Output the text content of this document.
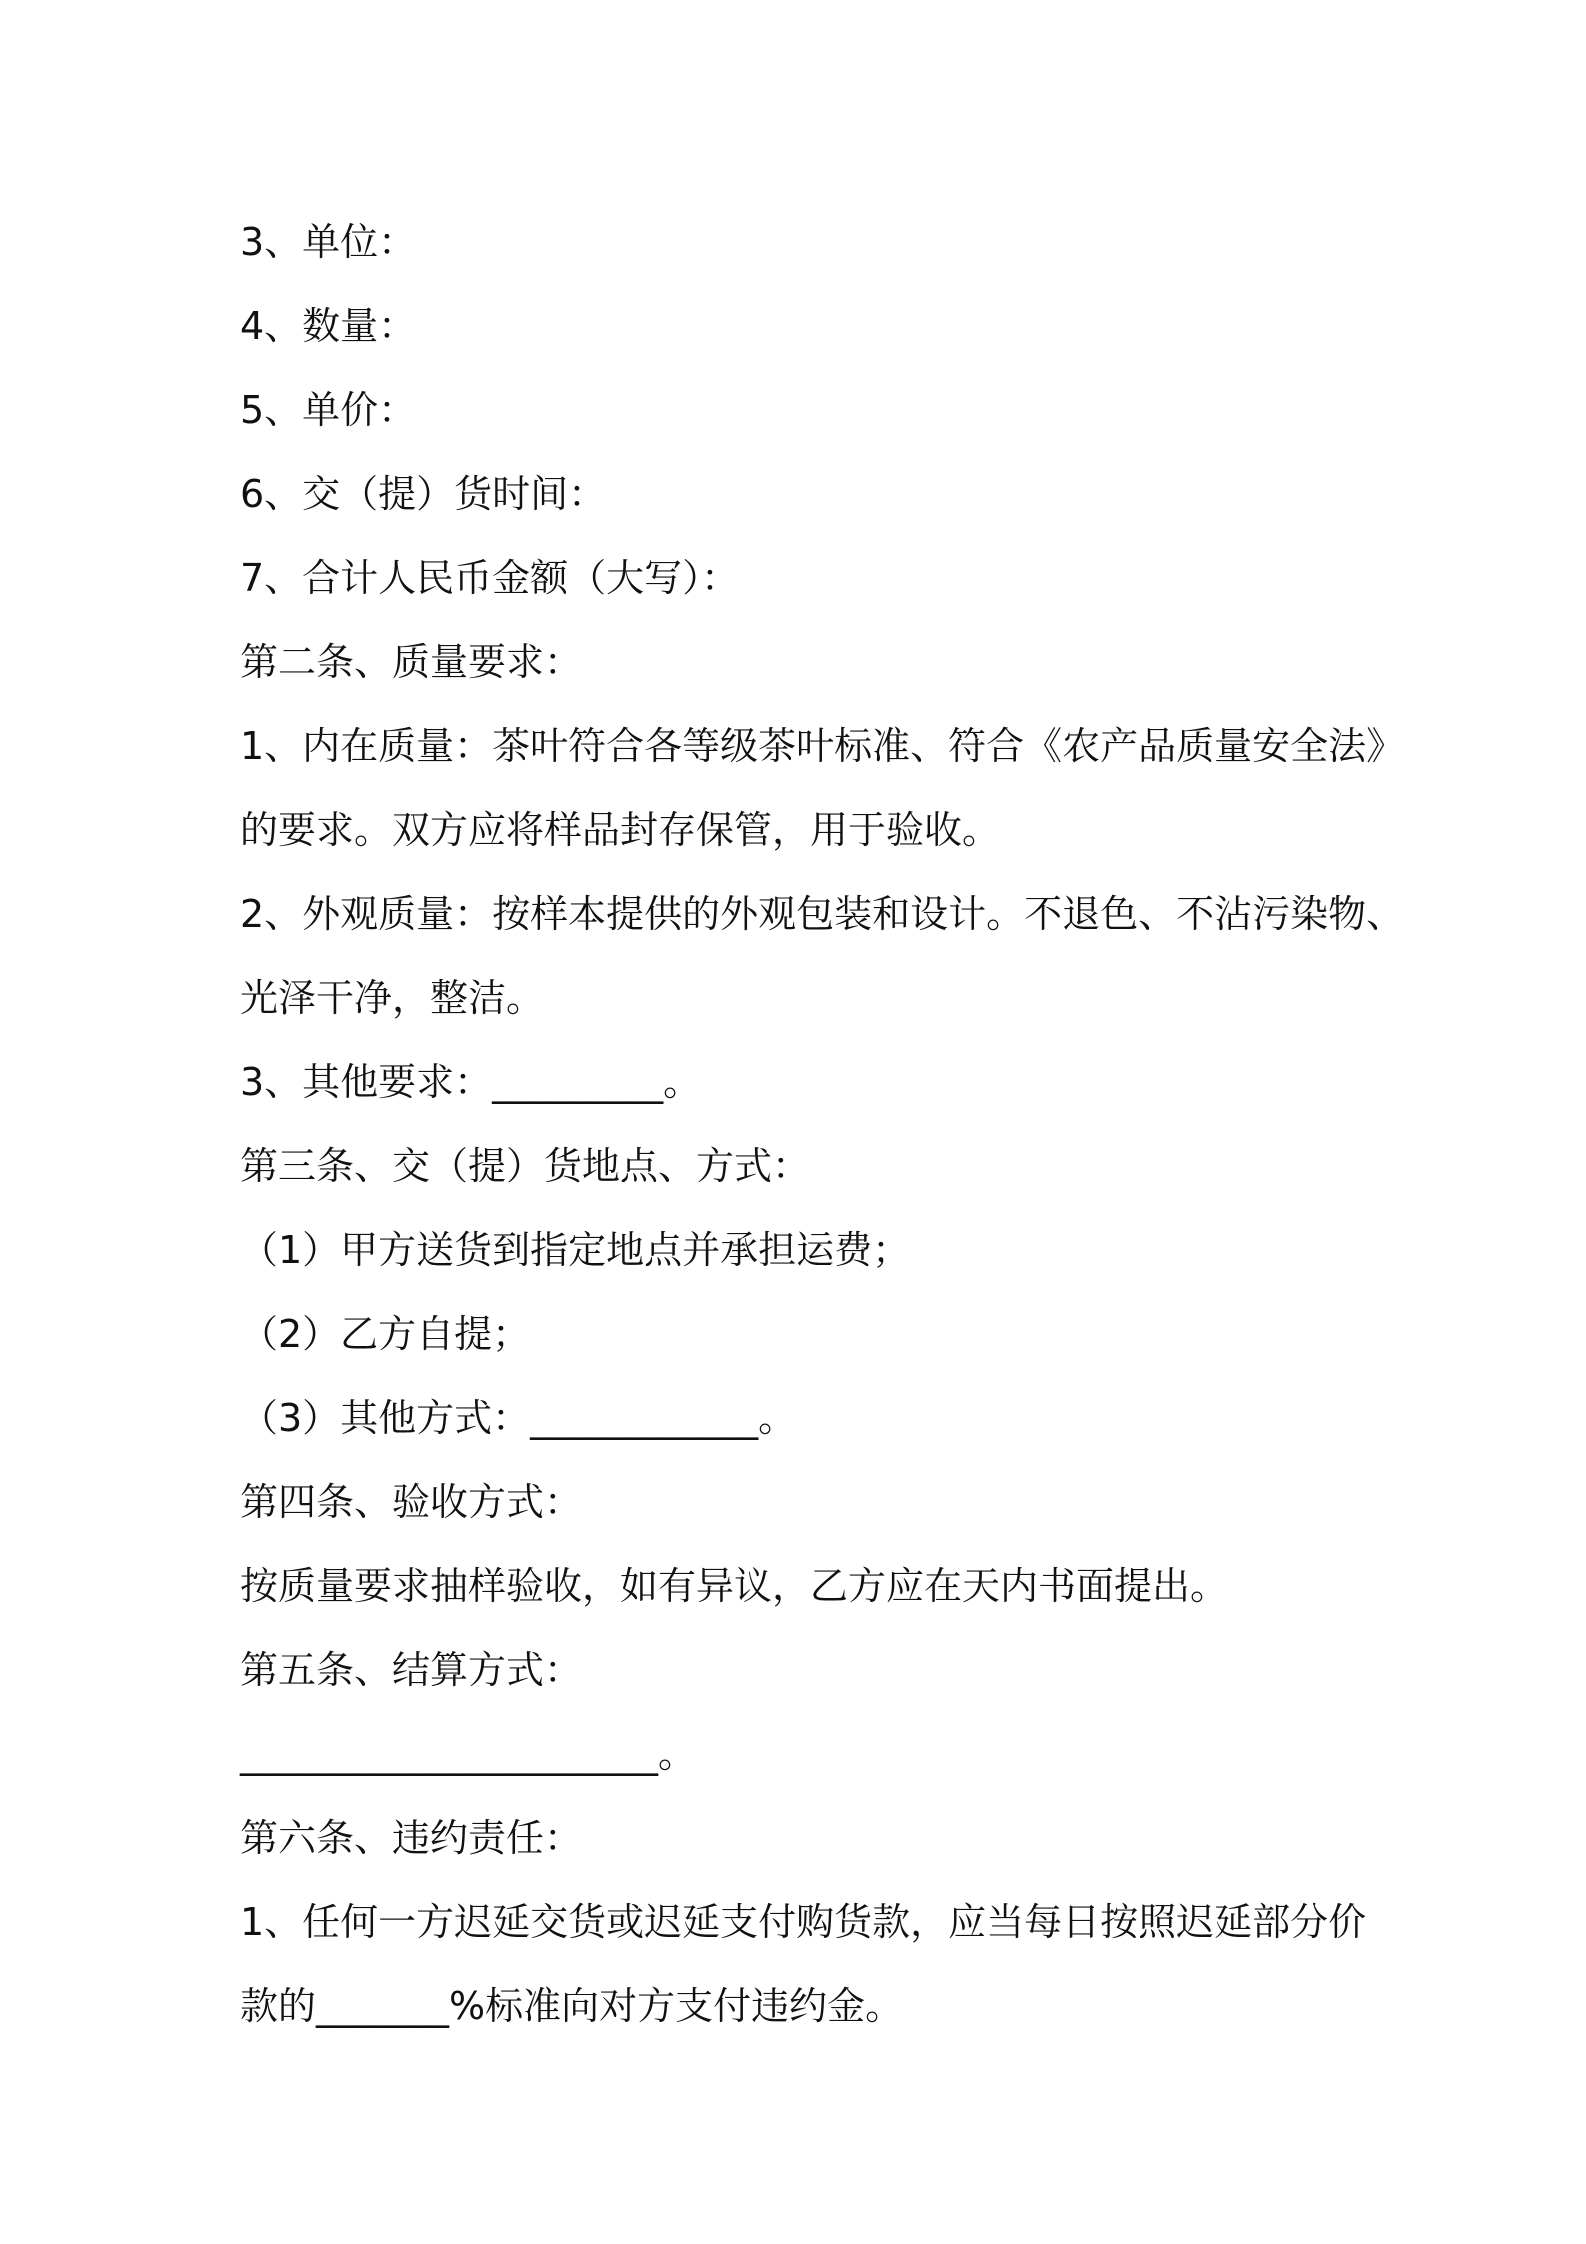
3、单位：
4、数量：
5、单价：
6、交（提）货时间：
7、合计人民币金额（大写）：
第二条、质量要求：
1、内在质量：茶叶符合各等级茶叶标准、符合《农产品质量安全法》
的要求。双方应将样品封存保管，用于验收。
2、外观质量：按样本提供的外观包装和设计。不退色、不沾污染物、
光泽干净，整洁。
3、其他要求：_________。
第三条、交（提）货地点、方式：
（1）甲方送货到指定地点并承担运费；
（2）乙方自提；
（3）其他方式：____________。
第四条、验收方式：
按质量要求抽样验收，如有异议，乙方应在天内书面提出。
第五条、结算方式：
______________________。
第六条、违约责任：
1、任何一方迟延交货或迟延支付购货款，应当每日按照迟延部分价
款的_______%标准向对方支付违约金。
